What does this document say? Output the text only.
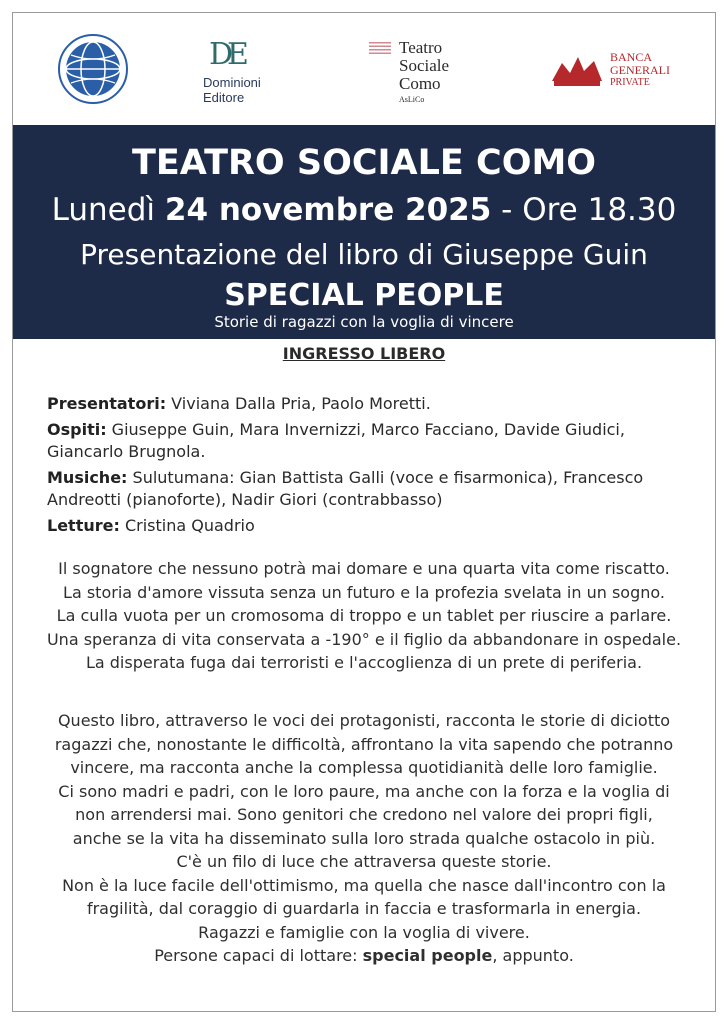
DE
Dominioni
Editore
Teatro
Sociale
Como
AsLiCo
BANCA
GENERALI
PRIVATE
TEATRO SOCIALE COMO
Lunedì 24 novembre 2025 - Ore 18.30
Presentazione del libro di Giuseppe Guin
SPECIAL PEOPLE
Storie di ragazzi con la voglia di vincere
INGRESSO LIBERO

Presentatori: Viviana Dalla Pria, Paolo Moretti.

Ospiti: Giuseppe Guin, Mara Invernizzi, Marco Facciano, Davide Giudici, Giancarlo Brugnola.

Musiche: Sulutumana: Gian Battista Galli (voce e fisarmonica), Francesco Andreotti (pianoforte), Nadir Giori (contrabbasso)

Letture: Cristina Quadrio

Il sognatore che nessuno potrà mai domare e una quarta vita come riscatto.
La storia d'amore vissuta senza un futuro e la profezia svelata in un sogno.
La culla vuota per un cromosoma di troppo e un tablet per riuscire a parlare.
Una speranza di vita conservata a -190° e il figlio da abbandonare in ospedale.
La disperata fuga dai terroristi e l'accoglienza di un prete di periferia.
Questo libro, attraverso le voci dei protagonisti, racconta le storie di diciotto
ragazzi che, nonostante le difficoltà, affrontano la vita sapendo che potranno
vincere, ma racconta anche la complessa quotidianità delle loro famiglie.
Ci sono madri e padri, con le loro paure, ma anche con la forza e la voglia di
non arrendersi mai. Sono genitori che credono nel valore dei propri figli,
anche se la vita ha disseminato sulla loro strada qualche ostacolo in più.
C'è un filo di luce che attraversa queste storie.
Non è la luce facile dell'ottimismo, ma quella che nasce dall'incontro con la
fragilità, dal coraggio di guardarla in faccia e trasformarla in energia.
Ragazzi e famiglie con la voglia di vivere.
Persone capaci di lottare: special people, appunto.
